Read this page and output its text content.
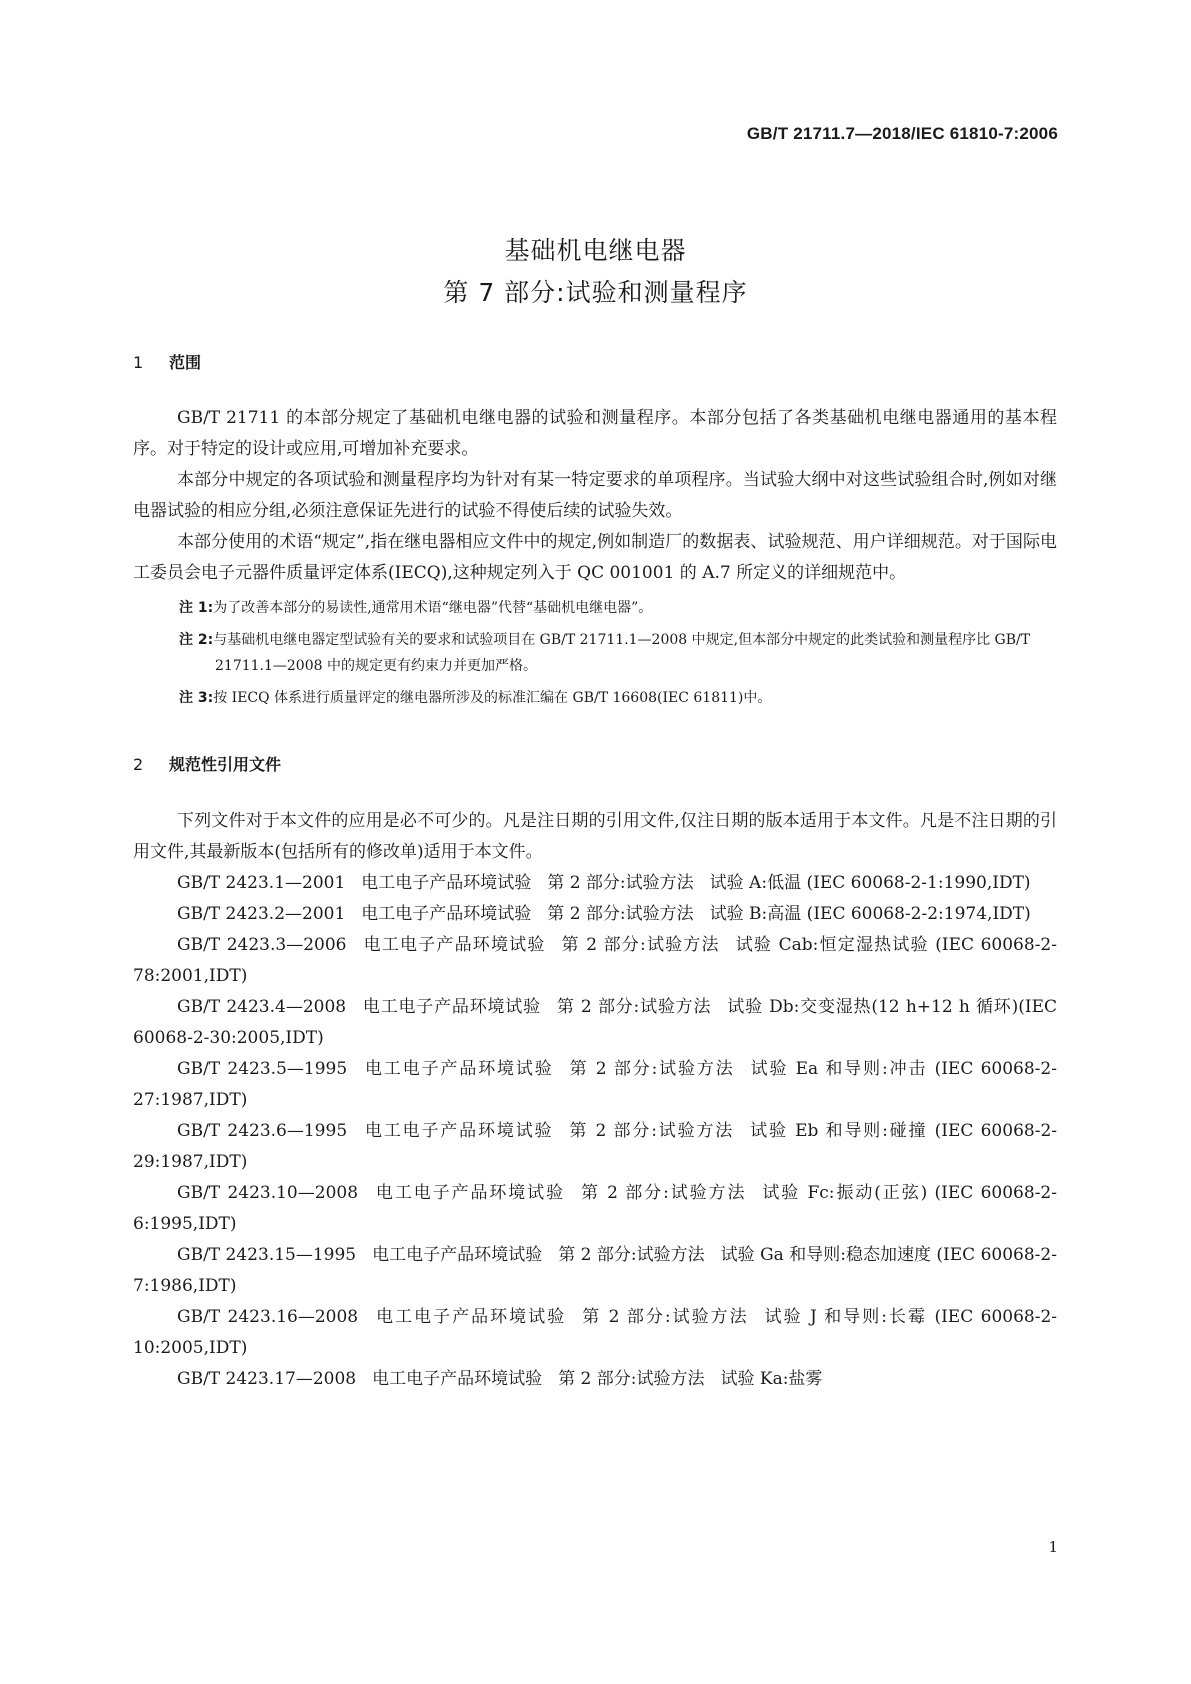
GB/T 21711.7—2018/IEC 61810-7:2006
基础机电继电器
第 7 部分:试验和测量程序
1 范围

GB/T 21711 的本部分规定了基础机电继电器的试验和测量程序。本部分包括了各类基础机电继电器通用的基本程序。对于特定的设计或应用,可增加补充要求。

本部分中规定的各项试验和测量程序均为针对有某一特定要求的单项程序。当试验大纲中对这些试验组合时,例如对继电器试验的相应分组,必须注意保证先进行的试验不得使后续的试验失效。

本部分使用的术语“规定”,指在继电器相应文件中的规定,例如制造厂的数据表、试验规范、用户详细规范。对于国际电工委员会电子元器件质量评定体系(IECQ),这种规定列入于 QC 001001 的 A.7 所定义的详细规范中。

注 1:为了改善本部分的易读性,通常用术语“继电器”代替“基础机电继电器”。

注 2:与基础机电继电器定型试验有关的要求和试验项目在 GB/T 21711.1—2008 中规定,但本部分中规定的此类试验和测量程序比 GB/T 21711.1—2008 中的规定更有约束力并更加严格。

注 3:按 IECQ 体系进行质量评定的继电器所涉及的标准汇编在 GB/T 16608(IEC 61811)中。

2 规范性引用文件

下列文件对于本文件的应用是必不可少的。凡是注日期的引用文件,仅注日期的版本适用于本文件。凡是不注日期的引用文件,其最新版本(包括所有的修改单)适用于本文件。

GB/T 2423.1—2001 电工电子产品环境试验 第 2 部分:试验方法 试验 A:低温 (IEC 60068-2-1:1990,IDT)
GB/T 2423.2—2001 电工电子产品环境试验 第 2 部分:试验方法 试验 B:高温 (IEC 60068-2-2:1974,IDT)
GB/T 2423.3—2006 电工电子产品环境试验 第 2 部分:试验方法 试验 Cab:恒定湿热试验 (IEC 60068-2-78:2001,IDT)
GB/T 2423.4—2008 电工电子产品环境试验 第 2 部分:试验方法 试验 Db:交变湿热(12 h+12 h 循环)(IEC 60068-2-30:2005,IDT)
GB/T 2423.5—1995 电工电子产品环境试验 第 2 部分:试验方法 试验 Ea 和导则:冲击 (IEC 60068-2-27:1987,IDT)
GB/T 2423.6—1995 电工电子产品环境试验 第 2 部分:试验方法 试验 Eb 和导则:碰撞 (IEC 60068-2-29:1987,IDT)
GB/T 2423.10—2008 电工电子产品环境试验 第 2 部分:试验方法 试验 Fc:振动(正弦) (IEC 60068-2-6:1995,IDT)
GB/T 2423.15—1995 电工电子产品环境试验 第 2 部分:试验方法 试验 Ga 和导则:稳态加速度 (IEC 60068-2-7:1986,IDT)
GB/T 2423.16—2008 电工电子产品环境试验 第 2 部分:试验方法 试验 J 和导则:长霉 (IEC 60068-2-10:2005,IDT)
GB/T 2423.17—2008 电工电子产品环境试验 第 2 部分:试验方法 试验 Ka:盐雾
1
